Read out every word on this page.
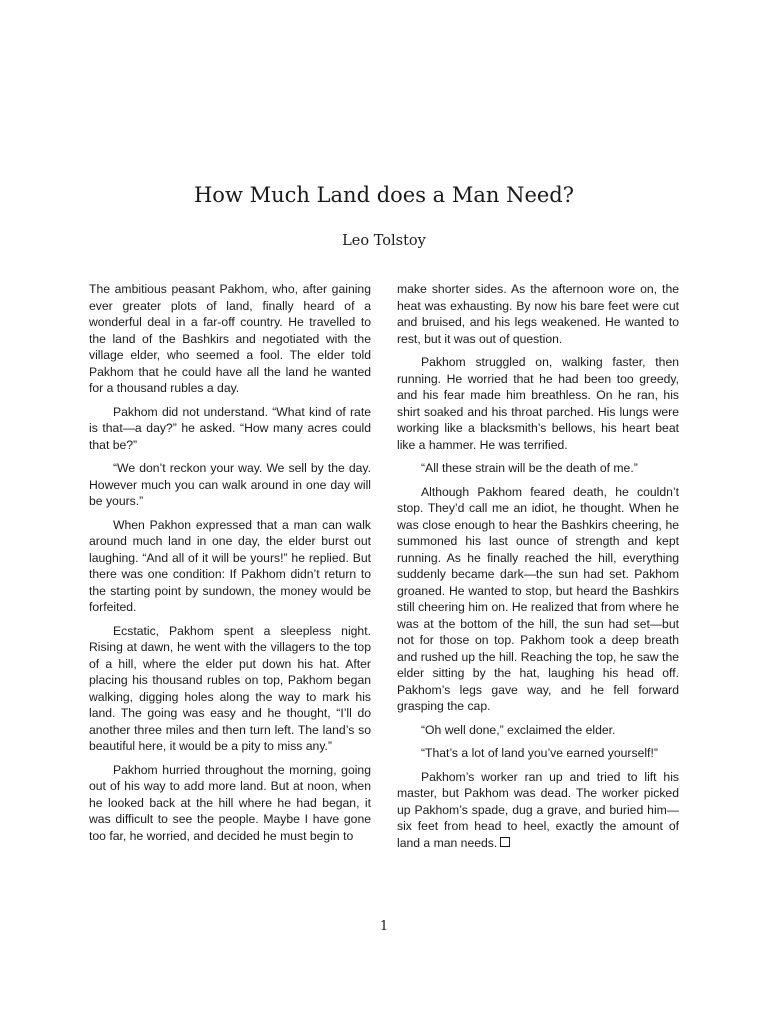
How Much Land does a Man Need?

Leo Tolstoy

The ambitious peasant Pakhom, who, after gaining ever greater plots of land, finally heard of a wonderful deal in a far-off country. He travelled to the land of the Bashkirs and negotiated with the village elder, who seemed a fool. The elder told Pakhom that he could have all the land he wanted for a thousand rubles a day.

Pakhom did not understand. “What kind of rate is that—a day?” he asked. “How many acres could that be?”

“We don’t reckon your way. We sell by the day. However much you can walk around in one day will be yours.”

When Pakhon expressed that a man can walk around much land in one day, the elder burst out laughing. “And all of it will be yours!” he replied. But there was one condition: If Pakhom didn’t return to the starting point by sundown, the money would be forfeited.

Ecstatic, Pakhom spent a sleepless night. Rising at dawn, he went with the villagers to the top of a hill, where the elder put down his hat. After placing his thousand rubles on top, Pakhom began walking, digging holes along the way to mark his land. The going was easy and he thought, “I’ll do another three miles and then turn left. The land’s so beautiful here, it would be a pity to miss any.”

Pakhom hurried throughout the morning, going out of his way to add more land. But at noon, when he looked back at the hill where he had began, it was difficult to see the people. Maybe I have gone too far, he worried, and decided he must begin to

make shorter sides. As the afternoon wore on, the heat was exhausting. By now his bare feet were cut and bruised, and his legs weakened. He wanted to rest, but it was out of question.

Pakhom struggled on, walking faster, then running. He worried that he had been too greedy, and his fear made him breathless. On he ran, his shirt soaked and his throat parched. His lungs were working like a blacksmith’s bellows, his heart beat like a hammer. He was terrified.

“All these strain will be the death of me.”

Although Pakhom feared death, he couldn’t stop. They’d call me an idiot, he thought. When he was close enough to hear the Bashkirs cheering, he summoned his last ounce of strength and kept running. As he finally reached the hill, everything suddenly became dark—the sun had set. Pakhom groaned. He wanted to stop, but heard the Bashkirs still cheering him on. He realized that from where he was at the bottom of the hill, the sun had set—but not for those on top. Pakhom took a deep breath and rushed up the hill. Reaching the top, he saw the elder sitting by the hat, laughing his head off. Pakhom’s legs gave way, and he fell forward grasping the cap.

“Oh well done,” exclaimed the elder.

“That’s a lot of land you’ve earned yourself!”

Pakhom’s worker ran up and tried to lift his master, but Pakhom was dead. The worker picked up Pakhom’s spade, dug a grave, and buried him—six feet from head to heel, exactly the amount of land a man needs.

1
